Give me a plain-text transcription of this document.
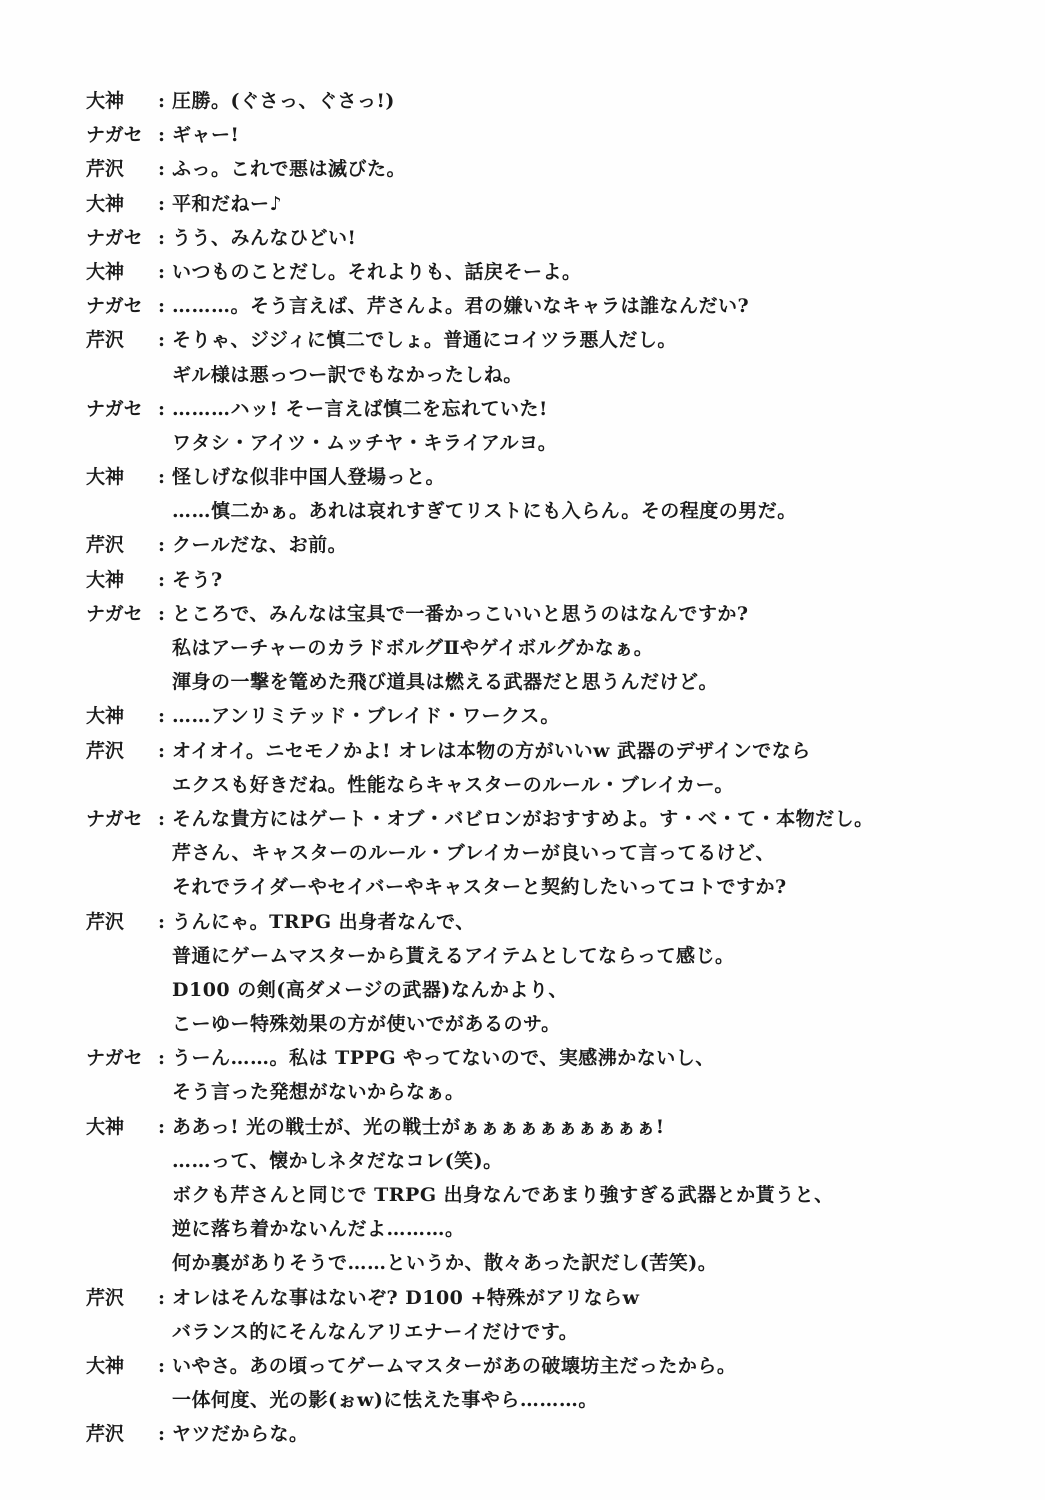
大神	: 圧勝。(ぐさっ、ぐさっ!)
ナガセ : ギャー!
芹沢	: ふっ。これで悪は滅びた。
大神	: 平和だねー♪
ナガセ : うう、みんなひどい!
大神	: いつものことだし。それよりも、話戻そーよ。
ナガセ : ………。そう言えば、芹さんよ。君の嫌いなキャラは誰なんだい?
芹沢	: そりゃ、ジジィに慎二でしょ。普通にコイツラ悪人だし。
ギル様は悪っつー訳でもなかったしね。
ナガセ : ………ハッ! そー言えば慎二を忘れていた!
ワタシ・アイツ・ムッチヤ・キライアルヨ。
大神	: 怪しげな似非中国人登場っと。
……慎二かぁ。あれは哀れすぎてリストにも入らん。その程度の男だ。
芹沢	: クールだな、お前。
大神	: そう?
ナガセ : ところで、みんなは宝具で一番かっこいいと思うのはなんですか?
私はアーチャーのカラドボルグⅡやゲイボルグかなぁ。
渾身の一撃を篭めた飛び道具は燃える武器だと思うんだけど。
大神	: ……アンリミテッド・ブレイド・ワークス。
芹沢	: オイオイ。ニセモノかよ! オレは本物の方がいいw 武器のデザインでなら
エクスも好きだね。性能ならキャスターのルール・ブレイカー。
ナガセ : そんな貴方にはゲート・オブ・バビロンがおすすめよ。す・べ・て・本物だし。
芹さん、キャスターのルール・ブレイカーが良いって言ってるけど、
それでライダーやセイバーやキャスターと契約したいってコトですか?
芹沢	: うんにゃ。TRPG 出身者なんで、
普通にゲームマスターから貰えるアイテムとしてならって感じ。
D100 の剣(高ダメージの武器)なんかより、
こーゆー特殊効果の方が使いでがあるのサ。
ナガセ : うーん……。私は TPPG やってないので、実感沸かないし、
そう言った発想がないからなぁ。
大神	: ああっ! 光の戦士が、光の戦士がぁぁぁぁぁぁぁぁぁぁ!
……って、懐かしネタだなコレ(笑)。
ボクも芹さんと同じで TRPG 出身なんであまり強すぎる武器とか貰うと、
逆に落ち着かないんだよ………。
何か裏がありそうで……というか、散々あった訳だし(苦笑)。
芹沢	: オレはそんな事はないぞ? D100 +特殊がアリならw
バランス的にそんなんアリエナーイだけです。
大神	: いやさ。あの頃ってゲームマスターがあの破壊坊主だったから。
一体何度、光の影(ぉw)に怯えた事やら………。
芹沢	: ヤツだからな。
